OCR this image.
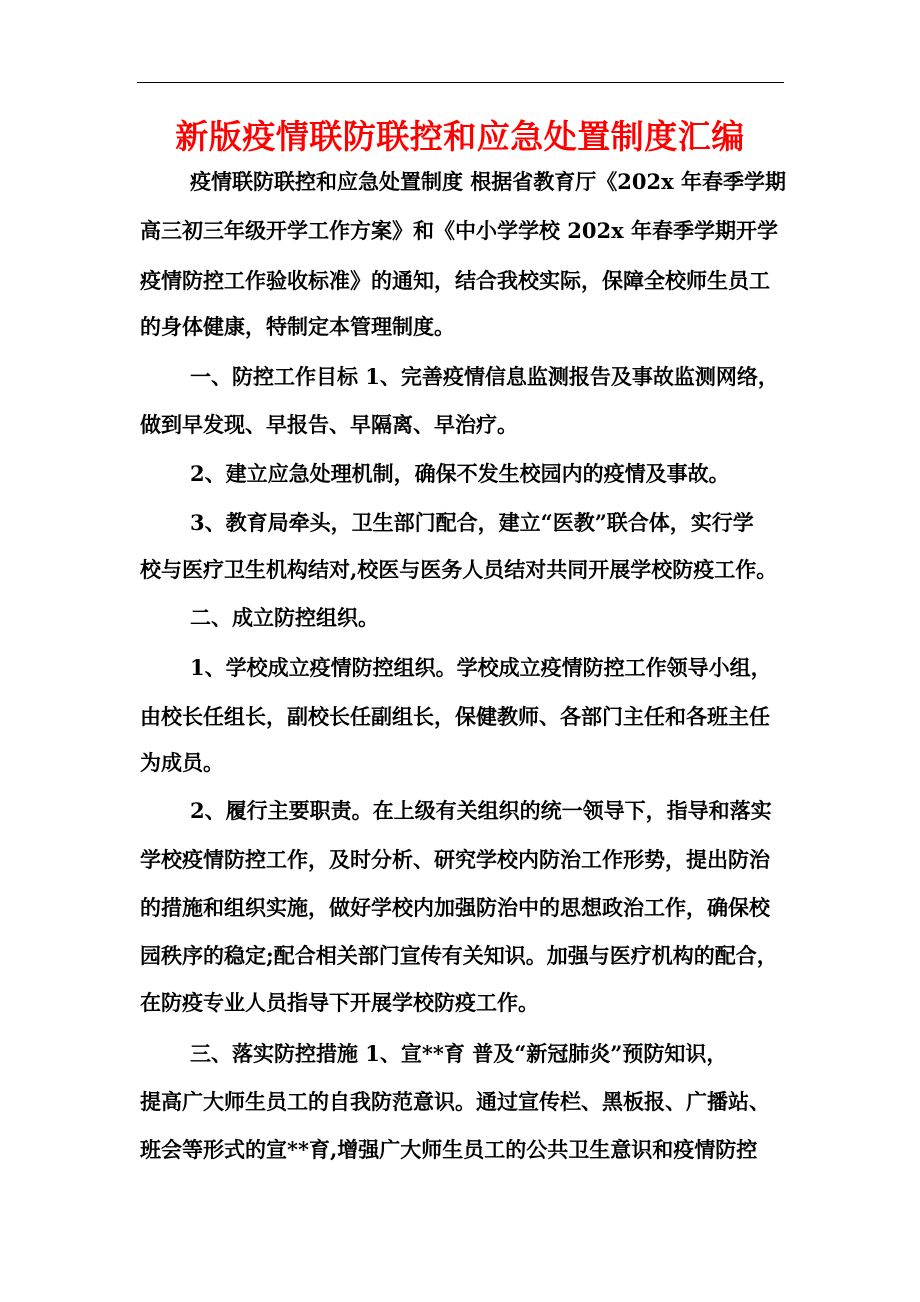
新版疫情联防联控和应急处置制度汇编
疫情联防联控和应急处置制度 根据省教育厅《202x 年春季学期
高三初三年级开学工作方案》和《中小学学校 202x 年春季学期开学
疫情防控工作验收标准》的通知，结合我校实际，保障全校师生员工
的身体健康，特制定本管理制度。
一、防控工作目标 1、完善疫情信息监测报告及事故监测网络，
做到早发现、早报告、早隔离、早治疗。
2、建立应急处理机制，确保不发生校园内的疫情及事故。
3、教育局牵头，卫生部门配合，建立“医教”联合体，实行学
校与医疗卫生机构结对,校医与医务人员结对共同开展学校防疫工作。
二、成立防控组织。
1、学校成立疫情防控组织。学校成立疫情防控工作领导小组，
由校长任组长，副校长任副组长，保健教师、各部门主任和各班主任
为成员。
2、履行主要职责。在上级有关组织的统一领导下，指导和落实
学校疫情防控工作，及时分析、研究学校内防治工作形势，提出防治
的措施和组织实施，做好学校内加强防治中的思想政治工作，确保校
园秩序的稳定;配合相关部门宣传有关知识。加强与医疗机构的配合，
在防疫专业人员指导下开展学校防疫工作。
三、落实防控措施 1、宣**育 普及“新冠肺炎”预防知识，
提高广大师生员工的自我防范意识。通过宣传栏、黑板报、广播站、
班会等形式的宣**育,增强广大师生员工的公共卫生意识和疫情防控
